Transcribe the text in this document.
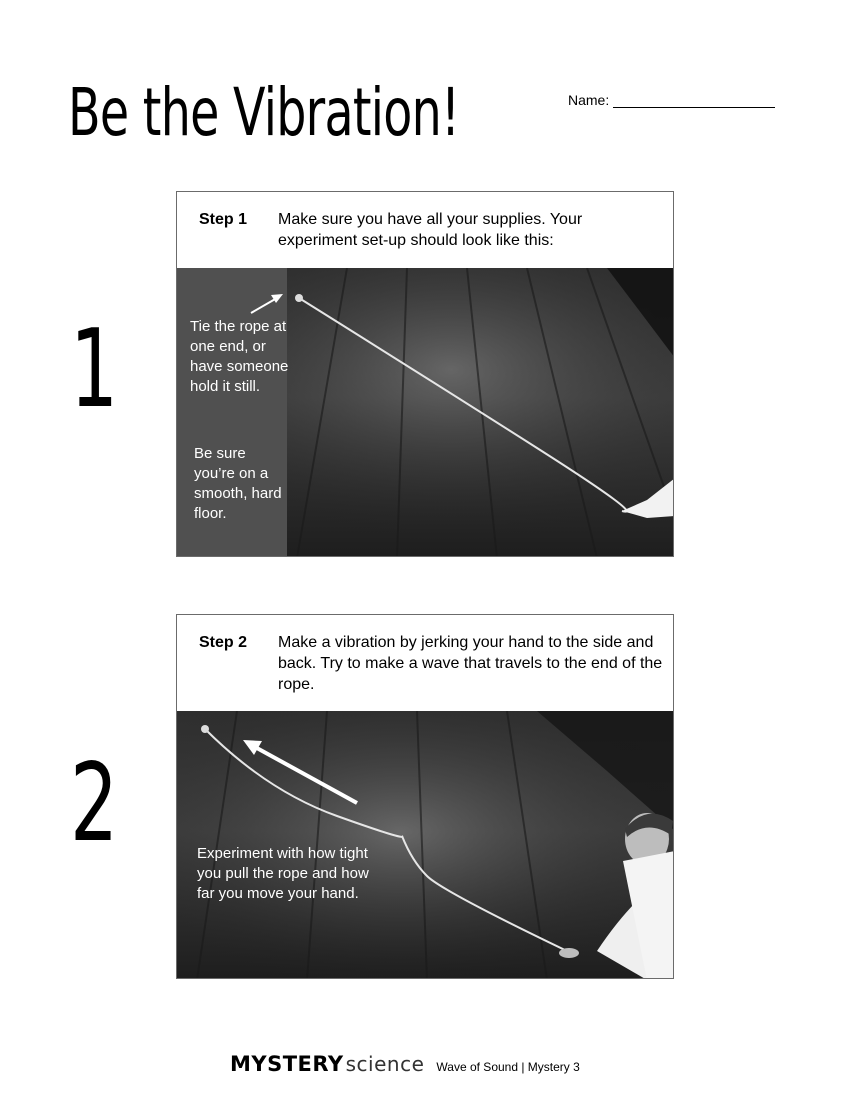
Be the Vibration!	Name:
1
Step 1 Make sure you have all your supplies. Your experiment set-up should look like this:
Tie the rope at one end, or have someone hold it still.
Be sure you’re on a smooth, hard floor.
2
Step 2 Make a vibration by jerking your hand to the side and back. Try to make a wave that travels to the end of the rope.
Experiment with how tight you pull the rope and how far you move your hand.
MYSTERY science Wave of Sound | Mystery 3
